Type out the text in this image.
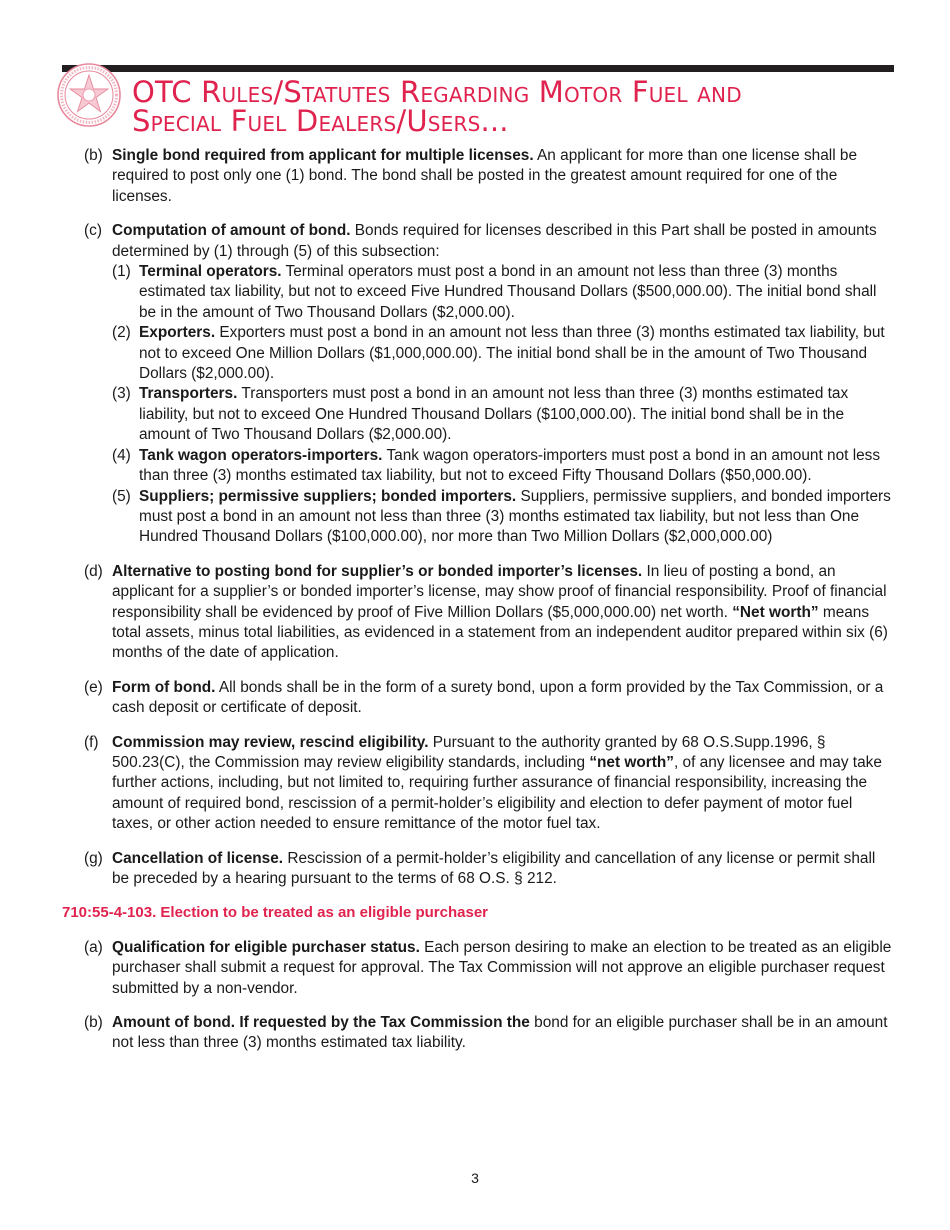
OTC Rules/Statutes Regarding Motor Fuel and
Special Fuel Dealers/Users...
(b) Single bond required from applicant for multiple licenses. An applicant for more than one license shall be required to post only one (1) bond. The bond shall be posted in the greatest amount required for one of the licenses.
(c) Computation of amount of bond. Bonds required for licenses described in this Part shall be posted in amounts determined by (1) through (5) of this subsection:
(1) Terminal operators. Terminal operators must post a bond in an amount not less than three (3) months estimated tax liability, but not to exceed Five Hundred Thousand Dollars ($500,000.00). The initial bond shall be in the amount of Two Thousand Dollars ($2,000.00).
(2) Exporters. Exporters must post a bond in an amount not less than three (3) months estimated tax liability, but not to exceed One Million Dollars ($1,000,000.00). The initial bond shall be in the amount of Two Thousand Dollars ($2,000.00).
(3) Transporters. Transporters must post a bond in an amount not less than three (3) months estimated tax liability, but not to exceed One Hundred Thousand Dollars ($100,000.00). The initial bond shall be in the amount of Two Thousand Dollars ($2,000.00).
(4) Tank wagon operators-importers. Tank wagon operators-importers must post a bond in an amount not less than three (3) months estimated tax liability, but not to exceed Fifty Thousand Dollars ($50,000.00).
(5) Suppliers; permissive suppliers; bonded importers. Suppliers, permissive suppliers, and bonded importers must post a bond in an amount not less than three (3) months estimated tax liability, but not less than One Hundred Thousand Dollars ($100,000.00), nor more than Two Million Dollars ($2,000,000.00)
(d) Alternative to posting bond for supplier’s or bonded importer’s licenses. In lieu of posting a bond, an applicant for a supplier’s or bonded importer’s license, may show proof of financial responsibility. Proof of financial responsibility shall be evidenced by proof of Five Million Dollars ($5,000,000.00) net worth. “Net worth” means total assets, minus total liabilities, as evidenced in a statement from an independent auditor prepared within six (6) months of the date of application.
(e) Form of bond. All bonds shall be in the form of a surety bond, upon a form provided by the Tax Commission, or a cash deposit or certificate of deposit.
(f) Commission may review, rescind eligibility. Pursuant to the authority granted by 68 O.S.Supp.1996, § 500.23(C), the Commission may review eligibility standards, including “net worth”, of any licensee and may take further actions, including, but not limited to, requiring further assurance of financial responsibility, increasing the amount of required bond, rescission of a permit-holder’s eligibility and election to defer payment of motor fuel taxes, or other action needed to ensure remittance of the motor fuel tax.
(g) Cancellation of license. Rescission of a permit-holder’s eligibility and cancellation of any license or permit shall be preceded by a hearing pursuant to the terms of 68 O.S. § 212.
710:55-4-103. Election to be treated as an eligible purchaser
(a) Qualification for eligible purchaser status. Each person desiring to make an election to be treated as an eligible purchaser shall submit a request for approval. The Tax Commission will not approve an eligible purchaser request submitted by a non-vendor.
(b) Amount of bond. If requested by the Tax Commission the bond for an eligible purchaser shall be in an amount not less than three (3) months estimated tax liability.
3
